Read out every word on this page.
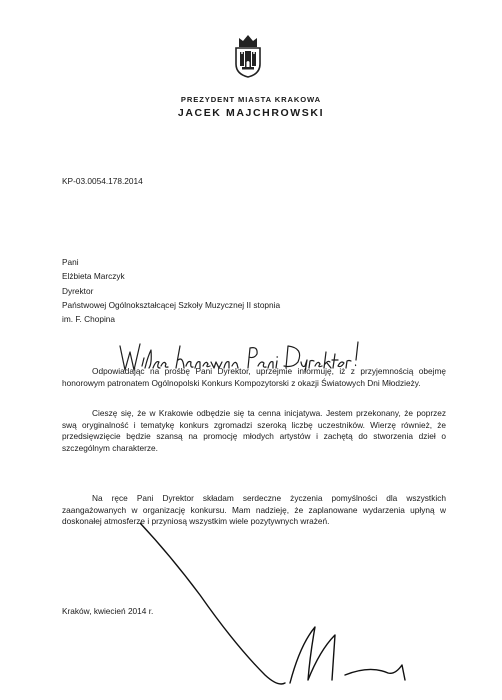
PREZYDENT MIASTA KRAKOWA
JACEK MAJCHROWSKI
KP-03.0054.178.2014
Pani
Elżbieta Marczyk
Dyrektor
Państwowej Ogólnokształcącej Szkoły Muzycznej II stopnia
im. F. Chopina
Odpowiadając na prośbę Pani Dyrektor, uprzejmie informuję, iż z przyjemnością obejmę honorowym patronatem Ogólnopolski Konkurs Kompozytorski z okazji Światowych Dni Młodzieży.
Cieszę się, że w Krakowie odbędzie się ta cenna inicjatywa. Jestem przekonany, że poprzez swą oryginalność i tematykę konkurs zgromadzi szeroką liczbę uczestników. Wierzę również, że przedsięwzięcie będzie szansą na promocję młodych artystów i zachętą do stworzenia dzieł o szczególnym charakterze.
Na ręce Pani Dyrektor składam serdeczne życzenia pomyślności dla wszystkich zaangażowanych w organizację konkursu. Mam nadzieję, że zaplanowane wydarzenia upłyną w doskonałej atmosferze i przyniosą wszystkim wiele pozytywnych wrażeń.
Kraków, kwiecień 2014 r.
